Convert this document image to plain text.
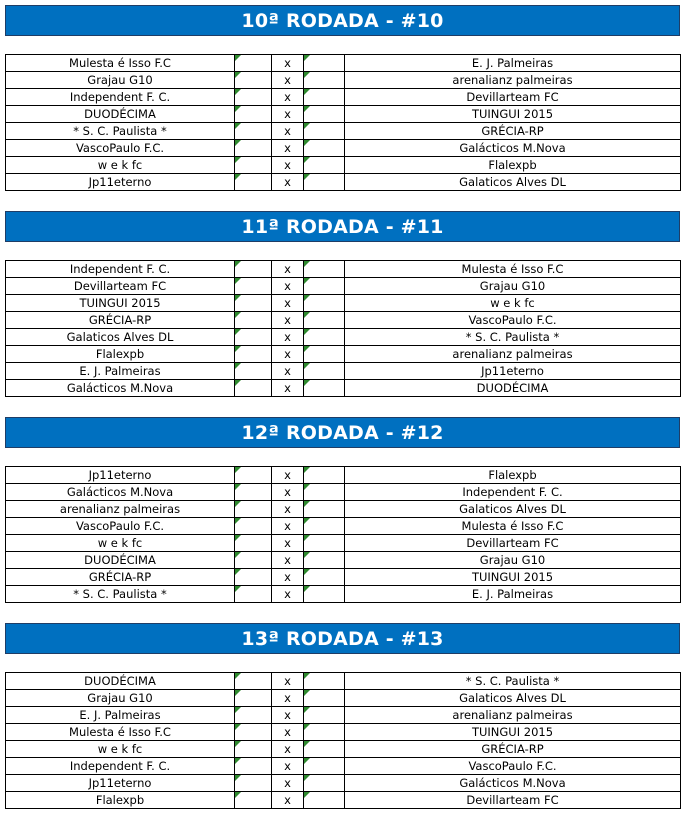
10ª RODADA - #10
Mulesta é Isso F.C		x		E. J. Palmeiras
Grajau G10		x		arenalianz palmeiras
Independent F. C.		x		Devillarteam FC
DUODÉCIMA		x		TUINGUI 2015
* S. C. Paulista *		x		GRÉCIA-RP
VascoPaulo F.C.		x		Galácticos M.Nova
w e k fc		x		Flalexpb
Jp11eterno		x		Galaticos Alves DL
11ª RODADA - #11
Independent F. C.		x		Mulesta é Isso F.C
Devillarteam FC		x		Grajau G10
TUINGUI 2015		x		w e k fc
GRÉCIA-RP		x		VascoPaulo F.C.
Galaticos Alves DL		x		* S. C. Paulista *
Flalexpb		x		arenalianz palmeiras
E. J. Palmeiras		x		Jp11eterno
Galácticos M.Nova		x		DUODÉCIMA
12ª RODADA - #12
Jp11eterno		x		Flalexpb
Galácticos M.Nova		x		Independent F. C.
arenalianz palmeiras		x		Galaticos Alves DL
VascoPaulo F.C.		x		Mulesta é Isso F.C
w e k fc		x		Devillarteam FC
DUODÉCIMA		x		Grajau G10
GRÉCIA-RP		x		TUINGUI 2015
* S. C. Paulista *		x		E. J. Palmeiras
13ª RODADA - #13
DUODÉCIMA		x		* S. C. Paulista *
Grajau G10		x		Galaticos Alves DL
E. J. Palmeiras		x		arenalianz palmeiras
Mulesta é Isso F.C		x		TUINGUI 2015
w e k fc		x		GRÉCIA-RP
Independent F. C.		x		VascoPaulo F.C.
Jp11eterno		x		Galácticos M.Nova
Flalexpb		x		Devillarteam FC
